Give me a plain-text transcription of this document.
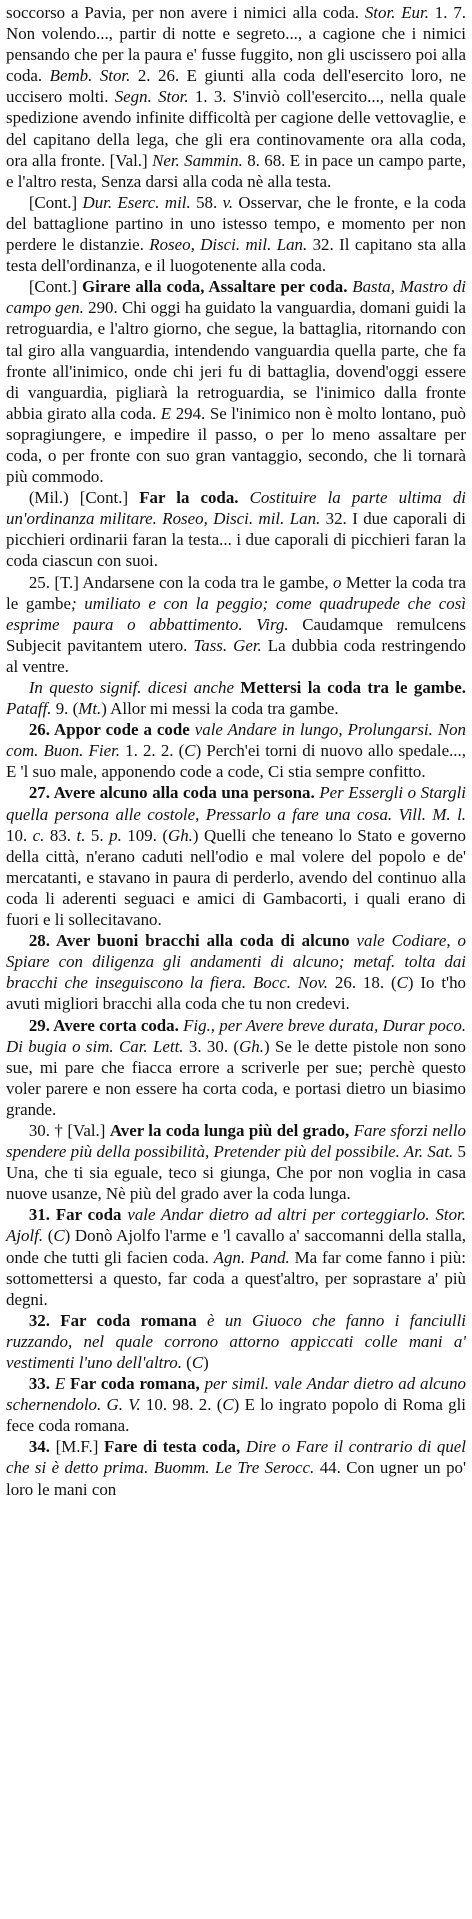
soccorso a Pavia, per non avere i nimici alla coda. Stor. Eur. 1. 7. Non volendo..., partir di notte e segreto..., a cagione che i nimici pensando che per la paura e' fusse fuggito, non gli uscissero poi alla coda. Bemb. Stor. 2. 26. E giunti alla coda dell'esercito loro, ne uccisero molti. Segn. Stor. 1. 3. S'inviò coll'esercito..., nella quale spedizione avendo infinite difficoltà per cagione delle vettovaglie, e del capitano della lega, che gli era continovamente ora alla coda, ora alla fronte. [Val.] Ner. Sammin. 8. 68. E in pace un campo parte, e l'altro resta, Senza darsi alla coda nè alla testa.

[Cont.] Dur. Eserc. mil. 58. v. Osservar, che le fronte, e la coda del battaglione partino in uno istesso tempo, e momento per non perdere le distanzie. Roseo, Disci. mil. Lan. 32. Il capitano sta alla testa dell'ordinanza, e il luogotenente alla coda.

[Cont.] Girare alla coda, Assaltare per coda. Basta, Mastro di campo gen. 290. Chi oggi ha guidato la vanguardia, domani guidi la retroguardia, e l'altro giorno, che segue, la battaglia, ritornando con tal giro alla vanguardia, intendendo vanguardia quella parte, che fa fronte all'inimico, onde chi jeri fu di battaglia, dovend'oggi essere di vanguardia, pigliarà la retroguardia, se l'inimico dalla fronte abbia girato alla coda. E 294. Se l'inimico non è molto lontano, può sopragiungere, e impedire il passo, o per lo meno assaltare per coda, o per fronte con suo gran vantaggio, secondo, che li tornarà più commodo.

(Mil.) [Cont.] Far la coda. Costituire la parte ultima di un'ordinanza militare. Roseo, Disci. mil. Lan. 32. I due caporali di picchieri ordinarii faran la testa... i due caporali di picchieri faran la coda ciascun con suoi.

25. [T.] Andarsene con la coda tra le gambe, o Metter la coda tra le gambe; umiliato e con la peggio; come quadrupede che così esprime paura o abbattimento. Virg. Caudamque remulcens Subjecit pavitantem utero. Tass. Ger. La dubbia coda restringendo al ventre.

In questo signif. dicesi anche Mettersi la coda tra le gambe. Pataff. 9. (Mt.) Allor mi messi la coda tra gambe.

26. Appor code a code vale Andare in lungo, Prolungarsi. Non com. Buon. Fier. 1. 2. 2. (C) Perch'ei torni di nuovo allo spedale..., E 'l suo male, apponendo code a code, Ci stia sempre confitto.

27. Avere alcuno alla coda una persona. Per Essergli o Stargli quella persona alle costole, Pressarlo a fare una cosa. Vill. M. l. 10. c. 83. t. 5. p. 109. (Gh.) Quelli che teneano lo Stato e governo della città, n'erano caduti nell'odio e mal volere del popolo e de' mercatanti, e stavano in paura di perderlo, avendo del continuo alla coda li aderenti seguaci e amici di Gambacorti, i quali erano di fuori e li sollecitavano.

28. Aver buoni bracchi alla coda di alcuno vale Codiare, o Spiare con diligenza gli andamenti di alcuno; metaf. tolta dai bracchi che inseguiscono la fiera. Bocc. Nov. 26. 18. (C) Io t'ho avuti migliori bracchi alla coda che tu non credevi.

29. Avere corta coda. Fig., per Avere breve durata, Durar poco. Di bugia o sim. Car. Lett. 3. 30. (Gh.) Se le dette pistole non sono sue, mi pare che fiacca errore a scriverle per sue; perchè questo voler parere e non essere ha corta coda, e portasi dietro un biasimo grande.

30. † [Val.] Aver la coda lunga più del grado, Fare sforzi nello spendere più della possibilità, Pretender più del possibile. Ar. Sat. 5 Una, che ti sia eguale, teco si giunga, Che por non voglia in casa nuove usanze, Nè più del grado aver la coda lunga.

31. Far coda vale Andar dietro ad altri per corteggiarlo. Stor. Ajolf. (C) Donò Ajolfo l'arme e 'l cavallo a' saccomanni della stalla, onde che tutti gli facien coda. Agn. Pand. Ma far come fanno i più: sottomettersi a questo, far coda a quest'altro, per soprastare a' più degni.

32. Far coda romana è un Giuoco che fanno i fanciulli ruzzando, nel quale corrono attorno appiccati colle mani a' vestimenti l'uno dell'altro. (C)

33. E Far coda romana, per simil. vale Andar dietro ad alcuno schernendolo. G. V. 10. 98. 2. (C) E lo ingrato popolo di Roma gli fece coda romana.

34. [M.F.] Fare di testa coda, Dire o Fare il contrario di quel che si è detto prima. Buomm. Le Tre Serocc. 44. Con ugner un po' loro le mani con
